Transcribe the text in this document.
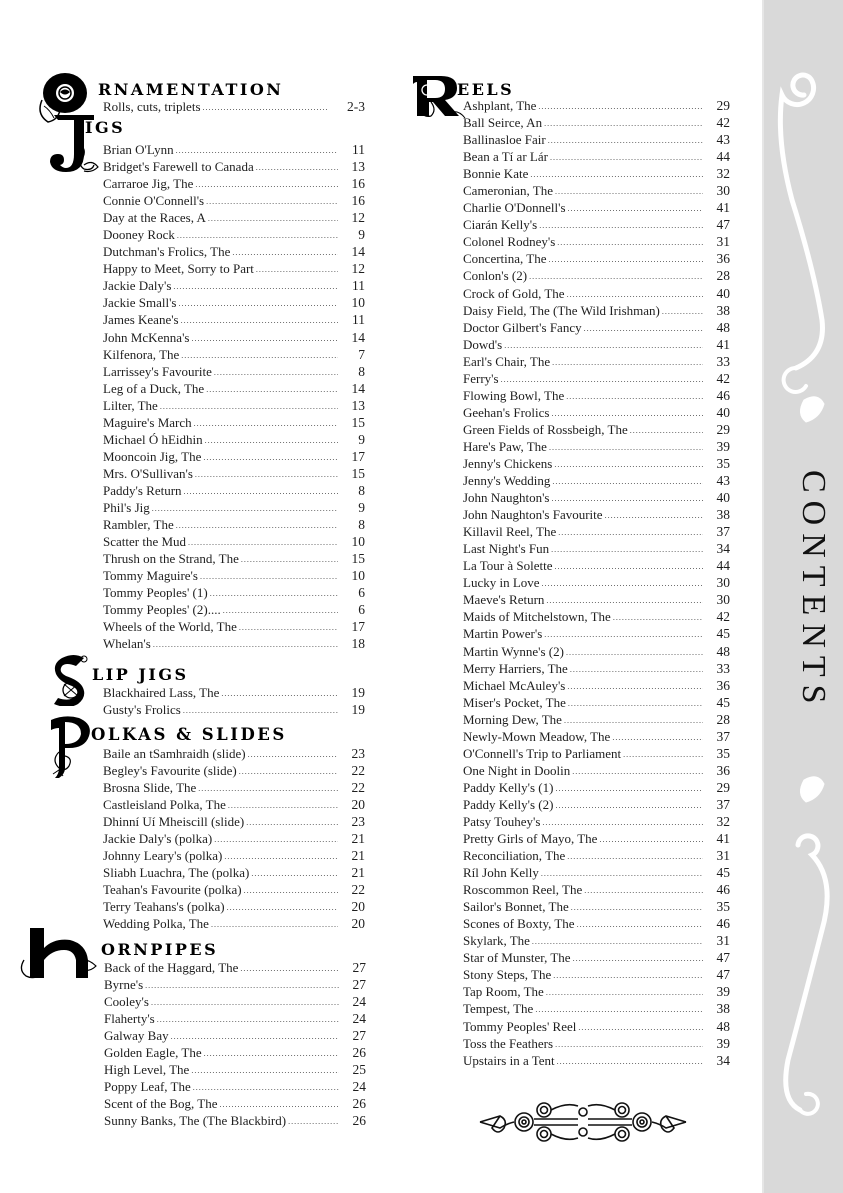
RNAMENTATION
Rolls, cuts, triplets .....	2-3
IGS
Brian O'Lynn .....	11
Bridget's Farewell to Canada .....	13
Carraroe Jig, The .....	16
Connie O'Connell's .....	16
Day at the Races, A .....	12
Dooney Rock .....	9
Dutchman's Frolics, The .....	14
Happy to Meet, Sorry to Part .....	12
Jackie Daly's .....	11
Jackie Small's .....	10
James Keane's .....	11
John McKenna's .....	14
Kilfenora, The .....	7
Larrissey's Favourite .....	8
Leg of a Duck, The .....	14
Lilter, The .....	13
Maguire's March .....	15
Michael Ó hEidhin .....	9
Mooncoin Jig, The .....	17
Mrs. O'Sullivan's .....	15
Paddy's Return .....	8
Phil's Jig .....	9
Rambler, The .....	8
Scatter the Mud .....	10
Thrush on the Strand, The .....	15
Tommy Maguire's .....	10
Tommy Peoples' (1) .....	6
Tommy Peoples' (2).... .....	6
Wheels of the World, The .....	17
Whelan's .....	18
LIP JIGS
Blackhaired Lass, The .....	19
Gusty's Frolics .....	19
OLKAS & SLIDES
Baile an tSamhraidh (slide) .....	23
Begley's Favourite (slide) .....	22
Brosna Slide, The .....	22
Castleisland Polka, The .....	20
Dhinní Uí Mheiscill (slide) .....	23
Jackie Daly's (polka) .....	21
Johnny Leary's (polka) .....	21
Sliabh Luachra, The (polka) .....	21
Teahan's Favourite (polka) .....	22
Terry Teahans's (polka) .....	20
Wedding Polka, The .....	20
ORNPIPES
Back of the Haggard, The .....	27
Byrne's .....	27
Cooley's .....	24
Flaherty's .....	24
Galway Bay .....	27
Golden Eagle, The .....	26
High Level, The .....	25
Poppy Leaf, The .....	24
Scent of the Bog, The .....	26
Sunny Banks, The (The Blackbird) .....	26
EELS
Ashplant, The .....	29
Ball Seirce, An .....	42
Ballinasloe Fair .....	43
Bean a Tí ar Lár .....	44
Bonnie Kate .....	32
Cameronian, The .....	30
Charlie O'Donnell's .....	41
Ciarán Kelly's .....	47
Colonel Rodney's .....	31
Concertina, The .....	36
Conlon's (2) .....	28
Crock of Gold, The .....	40
Daisy Field, The (The Wild Irishman) .....	38
Doctor Gilbert's Fancy .....	48
Dowd's .....	41
Earl's Chair, The .....	33
Ferry's .....	42
Flowing Bowl, The .....	46
Geehan's Frolics .....	40
Green Fields of Rossbeigh, The .....	29
Hare's Paw, The .....	39
Jenny's Chickens .....	35
Jenny's Wedding .....	43
John Naughton's .....	40
John Naughton's Favourite .....	38
Killavil Reel, The .....	37
Last Night's Fun .....	34
La Tour à Solette .....	44
Lucky in Love .....	30
Maeve's Return .....	30
Maids of Mitchelstown, The .....	42
Martin Power's .....	45
Martin Wynne's (2) .....	48
Merry Harriers, The .....	33
Michael McAuley's .....	36
Miser's Pocket, The .....	45
Morning Dew, The .....	28
Newly-Mown Meadow, The .....	37
O'Connell's Trip to Parliament .....	35
One Night in Doolin .....	36
Paddy Kelly's (1) .....	29
Paddy Kelly's (2) .....	37
Patsy Touhey's .....	32
Pretty Girls of Mayo, The .....	41
Reconciliation, The .....	31
Ríl John Kelly .....	45
Roscommon Reel, The .....	46
Sailor's Bonnet, The .....	35
Scones of Boxty, The .....	46
Skylark, The .....	31
Star of Munster, The .....	47
Stony Steps, The .....	47
Tap Room, The .....	39
Tempest, The .....	38
Tommy Peoples' Reel .....	48
Toss the Feathers .....	39
Upstairs in a Tent .....	34
CONTENTS
